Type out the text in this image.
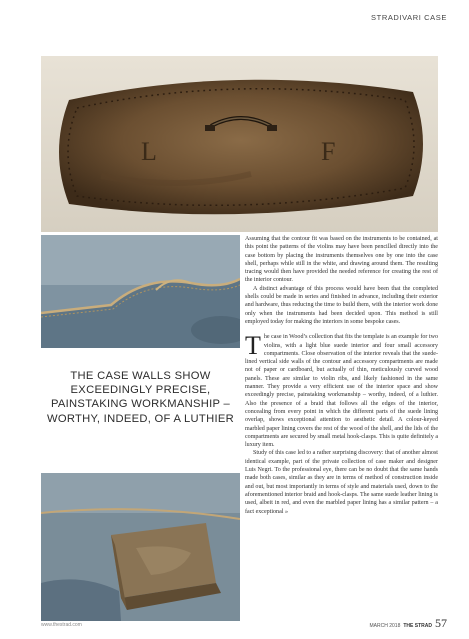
STRADIVARI CASE
L	F

THE CASE WALLS SHOW EXCEEDINGLY PRECISE, PAINSTAKING WORKMANSHIP – WORTHY, INDEED, OF A LUTHIER

Assuming that the contour fit was based on the instruments to be contained, at this point the patterns of the violins may have been pencilled directly into the case bottom by placing the instruments themselves one by one into the case shell, perhaps while still in the white, and drawing around them. The resulting tracing would then have provided the needed reference for creating the rest of the interior contour.

A distinct advantage of this process would have been that the completed shells could be made in series and finished in advance, including their exterior and hardware, thus reducing the time to build them, with the interior work done only when the instruments had been decided upon. This method is still employed today for making the interiors in some bespoke cases.

The case in Wood’s collection that fits the template is an example for two violins, with a light blue suede interior and four small accessory compartments. Close observation of the interior reveals that the suede-lined vertical side walls of the contour and accessory compartments are made not of paper or cardboard, but actually of thin, meticulously curved wood panels. These are similar to violin ribs, and likely fashioned in the same manner. They provide a very efficient use of the interior space and show exceedingly precise, painstaking workmanship – worthy, indeed, of a luthier. Also the presence of a braid that follows all the edges of the interior, concealing from every point in which the different parts of the suede lining overlap, shows exceptional attention to aesthetic detail. A colour-keyed marbled paper lining covers the rest of the wood of the shell, and the lids of the compartments are secured by small metal hook-clasps. This is quite definitely a luxury item.

Study of this case led to a rather surprising discovery: that of another almost identical example, part of the private collection of case maker and designer Luis Negri. To the professional eye, there can be no doubt that the same hands made both cases, similar as they are in terms of method of construction inside and out, but most importantly in terms of style and materials used, down to the aforementioned interior braid and hook-clasps. The same suede leather lining is used, albeit in red, and even the marbled paper lining has a similar pattern – a fact exceptional »

www.thestrad.com	MARCH 2018 THE STRAD 57
